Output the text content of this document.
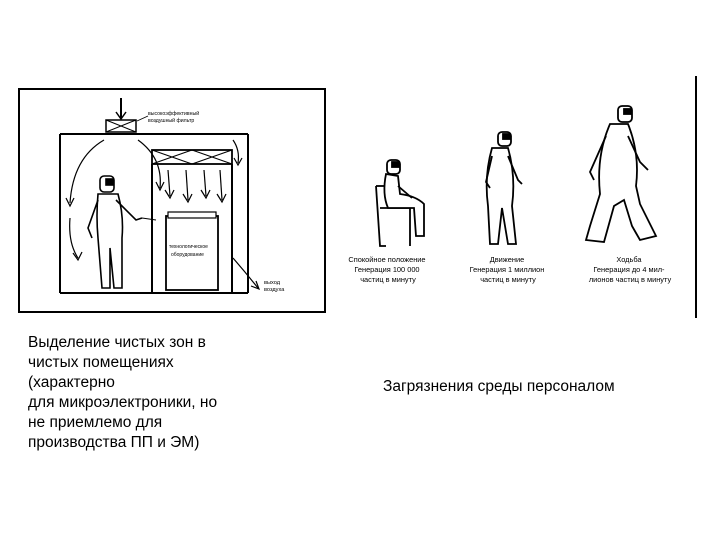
высокоэффективный воздушный фильтр
технологическое оборудование
выход воздуха
Спокойное положение Генерация 100 000 частиц в минуту
Движение Генерация 1 миллион частиц в минуту
Ходьба Генерация до 4 мил- лионов частиц в минуту
Выделение чистых зон в
чистых помещениях
(характерно
для микроэлектроники, но
не приемлемо для
производства ПП и ЭМ)
Загрязнения среды персоналом
